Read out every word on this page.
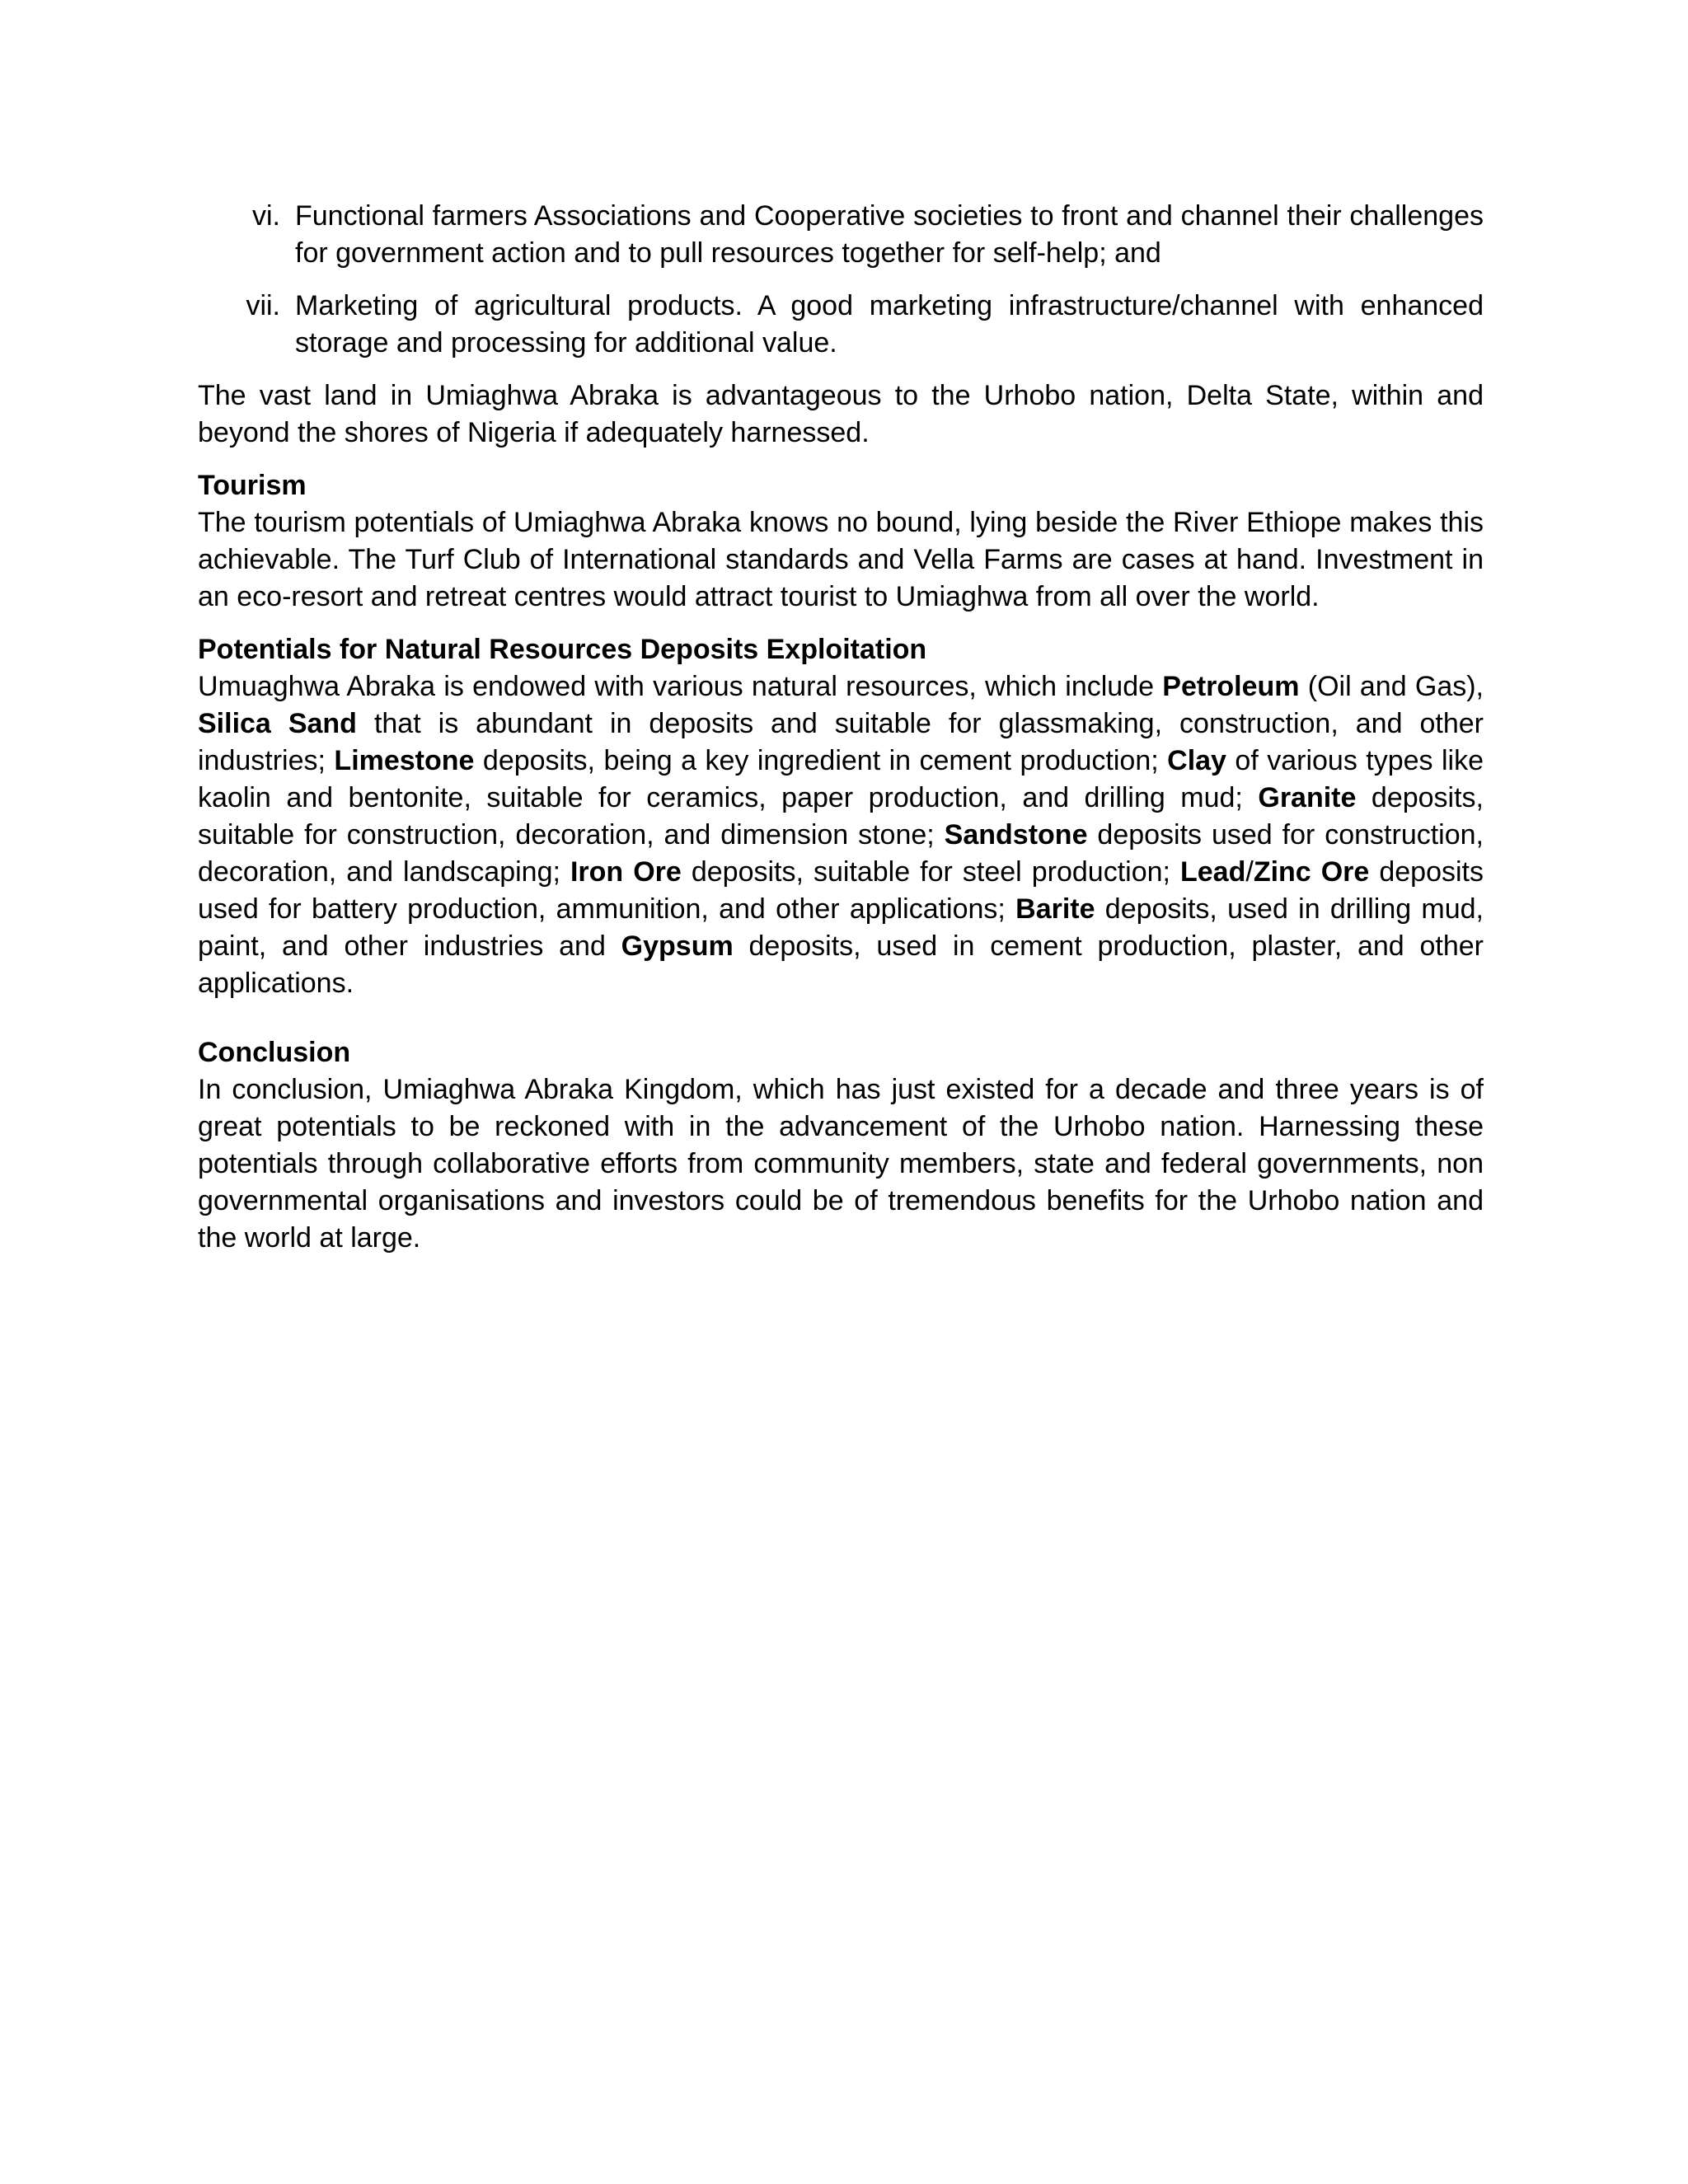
vi. Functional farmers Associations and Cooperative societies to front and channel their challenges for government action and to pull resources together for self-help; and
vii. Marketing of agricultural products. A good marketing infrastructure/channel with enhanced storage and processing for additional value.

The vast land in Umiaghwa Abraka is advantageous to the Urhobo nation, Delta State, within and beyond the shores of Nigeria if adequately harnessed.

Tourism

The tourism potentials of Umiaghwa Abraka knows no bound, lying beside the River Ethiope makes this achievable. The Turf Club of International standards and Vella Farms are cases at hand. Investment in an eco-resort and retreat centres would attract tourist to Umiaghwa from all over the world.

Potentials for Natural Resources Deposits Exploitation

Umuaghwa Abraka is endowed with various natural resources, which include Petroleum (Oil and Gas), Silica Sand that is abundant in deposits and suitable for glassmaking, construction, and other industries; Limestone deposits, being a key ingredient in cement production; Clay of various types like kaolin and bentonite, suitable for ceramics, paper production, and drilling mud; Granite deposits, suitable for construction, decoration, and dimension stone; Sandstone deposits used for construction, decoration, and landscaping; Iron Ore deposits, suitable for steel production; Lead/Zinc Ore deposits used for battery production, ammunition, and other applications; Barite deposits, used in drilling mud, paint, and other industries and Gypsum deposits, used in cement production, plaster, and other applications.

Conclusion

In conclusion, Umiaghwa Abraka Kingdom, which has just existed for a decade and three years is of great potentials to be reckoned with in the advancement of the Urhobo nation. Harnessing these potentials through collaborative efforts from community members, state and federal governments, non governmental organisations and investors could be of tremendous benefits for the Urhobo nation and the world at large.
